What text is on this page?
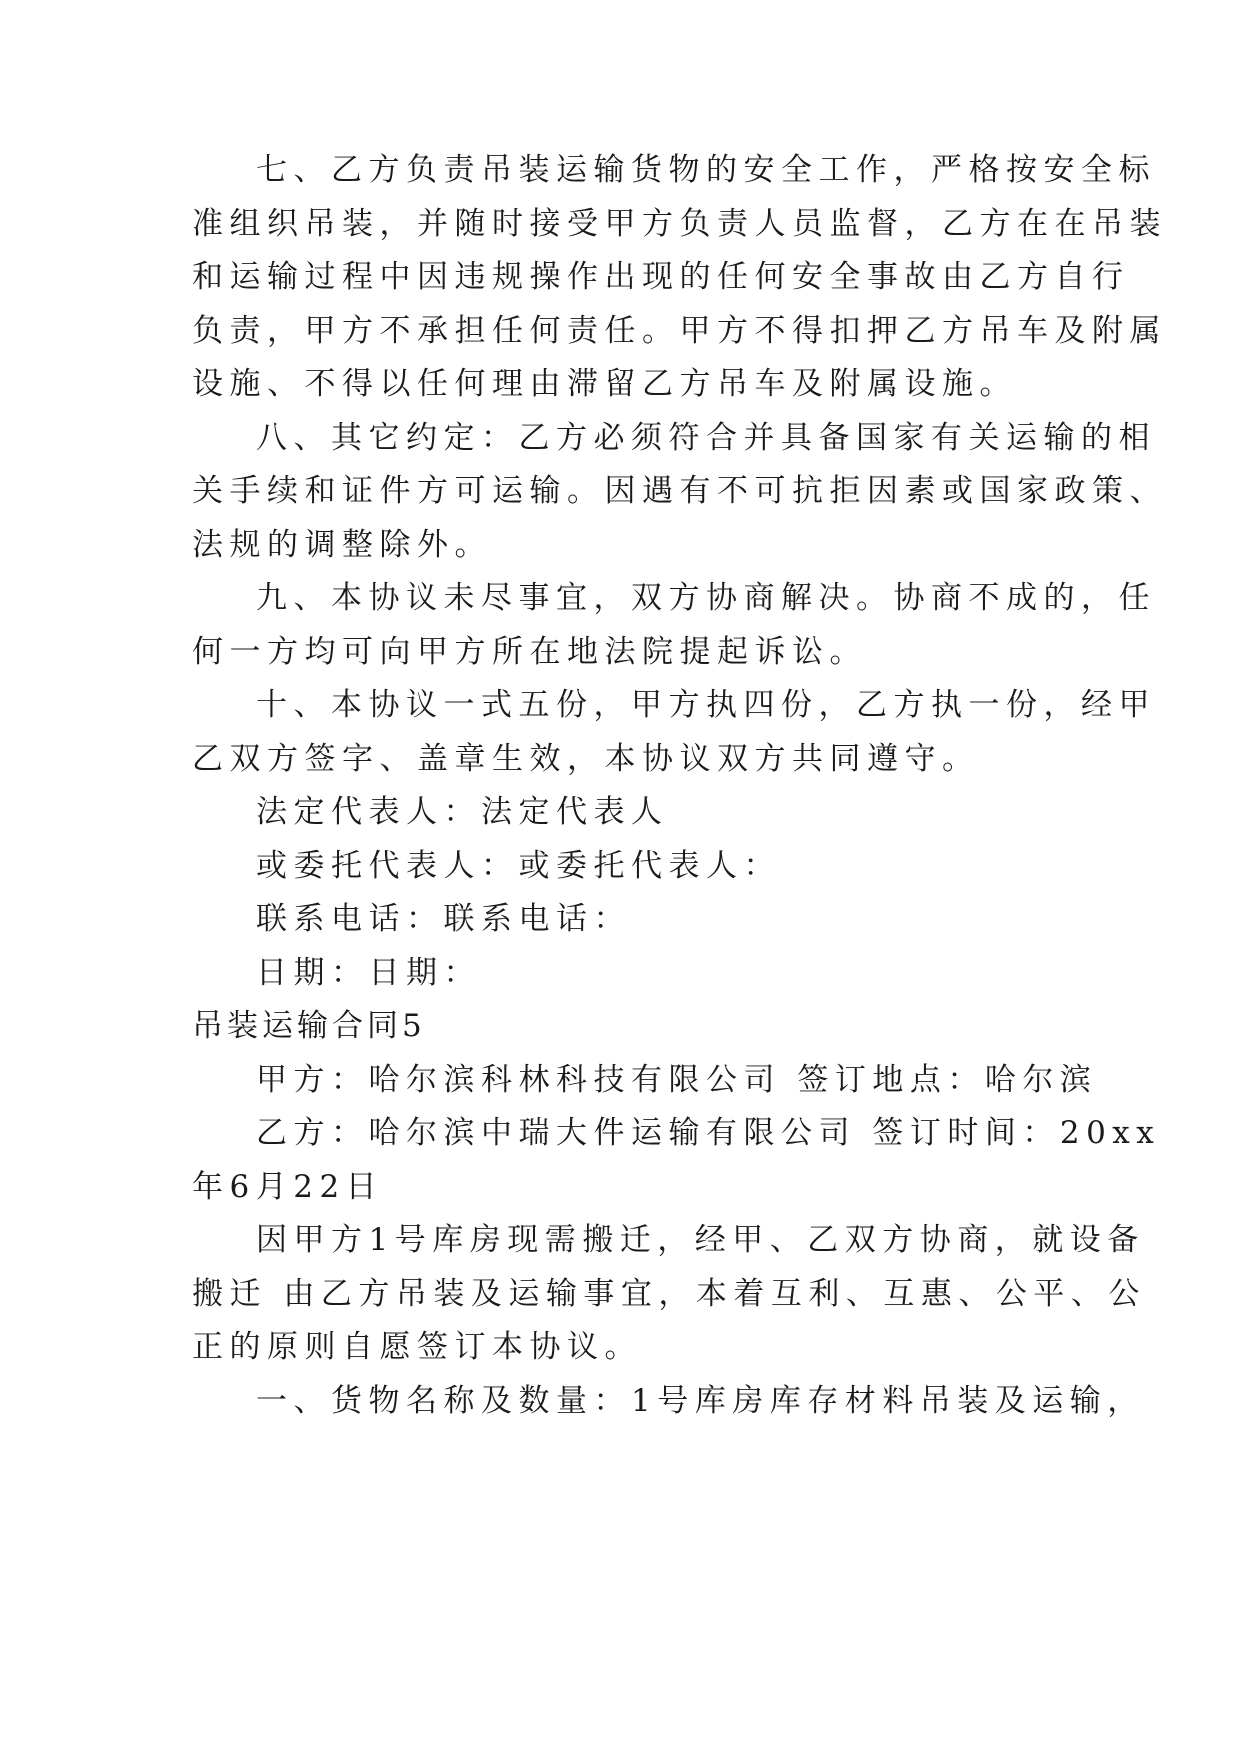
七、乙方负责吊装运输货物的安全工作，严格按安全标
准组织吊装，并随时接受甲方负责人员监督，乙方在在吊装
和运输过程中因违规操作出现的任何安全事故由乙方自行
负责，甲方不承担任何责任。甲方不得扣押乙方吊车及附属
设施、不得以任何理由滞留乙方吊车及附属设施。
八、其它约定：乙方必须符合并具备国家有关运输的相
关手续和证件方可运输。因遇有不可抗拒因素或国家政策、
法规的调整除外。
九、本协议未尽事宜，双方协商解决。协商不成的，任
何一方均可向甲方所在地法院提起诉讼。
十、本协议一式五份，甲方执四份，乙方执一份，经甲
乙双方签字、盖章生效，本协议双方共同遵守。
法定代表人：法定代表人
或委托代表人：或委托代表人：
联系电话：联系电话：
日期：日期：
吊装运输合同5
甲方：哈尔滨科林科技有限公司 签订地点：哈尔滨
乙方：哈尔滨中瑞大件运输有限公司 签订时间：20xx
年6月22日
因甲方1号库房现需搬迁，经甲、乙双方协商，就设备
搬迁 由乙方吊装及运输事宜，本着互利、互惠、公平、公
正的原则自愿签订本协议。
一、货物名称及数量：1号库房库存材料吊装及运输，
